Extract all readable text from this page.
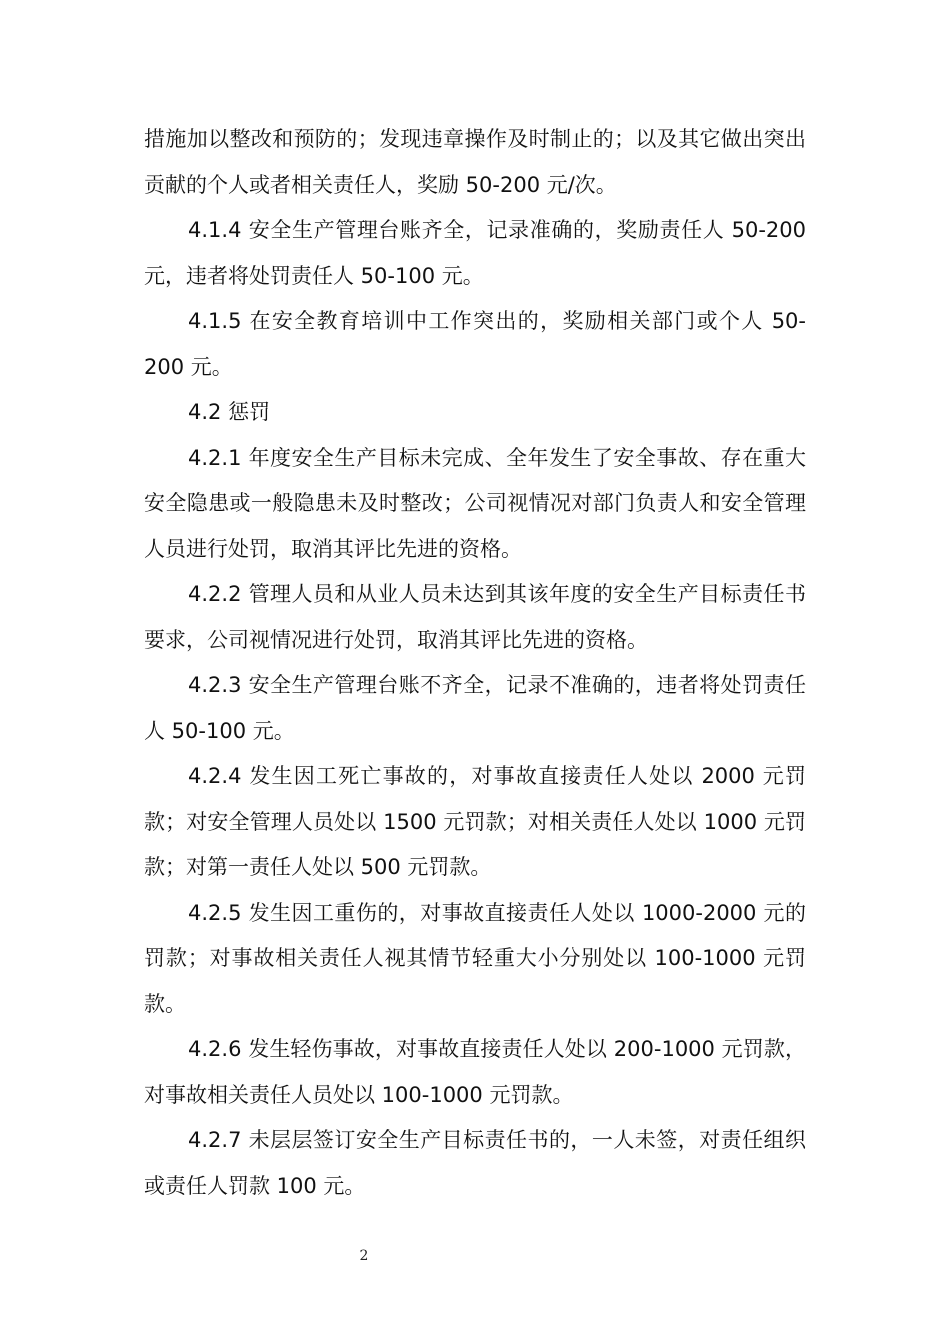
措施加以整改和预防的；发现违章操作及时制止的；以及其它做出突出贡献的个人或者相关责任人，奖励 50-200 元/次。

4.1.4 安全生产管理台账齐全，记录准确的，奖励责任人 50-200 元，违者将处罚责任人 50-100 元。

4.1.5 在安全教育培训中工作突出的，奖励相关部门或个人 50-200 元。

4.2 惩罚

4.2.1 年度安全生产目标未完成、全年发生了安全事故、存在重大安全隐患或一般隐患未及时整改；公司视情况对部门负责人和安全管理人员进行处罚，取消其评比先进的资格。

4.2.2 管理人员和从业人员未达到其该年度的安全生产目标责任书要求，公司视情况进行处罚，取消其评比先进的资格。

4.2.3 安全生产管理台账不齐全，记录不准确的，违者将处罚责任人 50-100 元。

4.2.4 发生因工死亡事故的，对事故直接责任人处以 2000 元罚款；对安全管理人员处以 1500 元罚款；对相关责任人处以 1000 元罚款；对第一责任人处以 500 元罚款。

4.2.5 发生因工重伤的，对事故直接责任人处以 1000-2000 元的罚款；对事故相关责任人视其情节轻重大小分别处以 100-1000 元罚款。

4.2.6 发生轻伤事故，对事故直接责任人处以 200-1000 元罚款，对事故相关责任人员处以 100-1000 元罚款。

4.2.7 未层层签订安全生产目标责任书的，一人未签，对责任组织或责任人罚款 100 元。

2
